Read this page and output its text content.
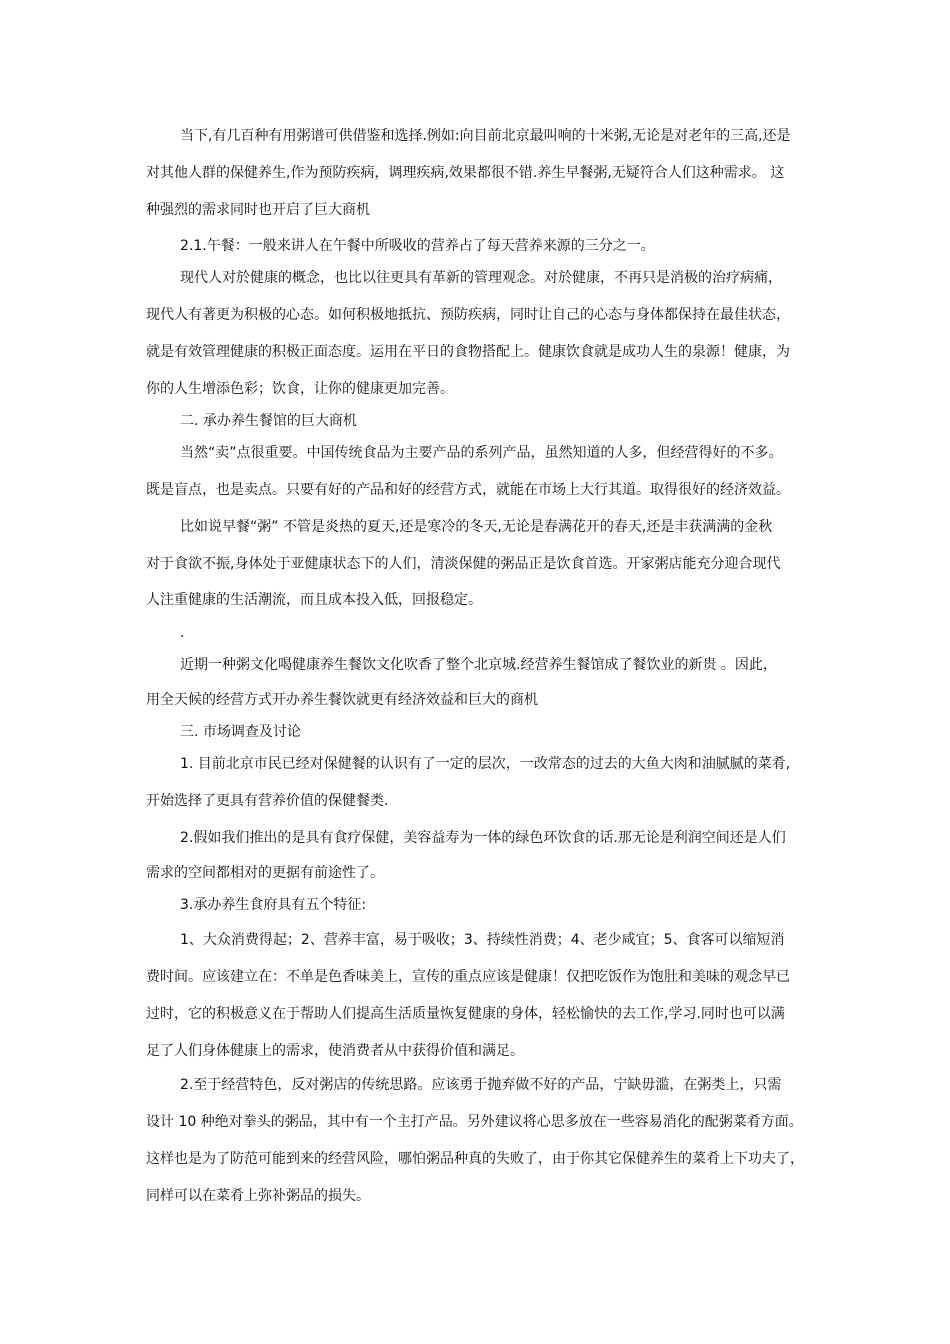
当下,有几百种有用粥谱可供借鉴和选择.例如:向目前北京最叫响的十米粥,无论是对老年的三高,还是
对其他人群的保健养生,作为预防疾病，调理疾病,效果都很不错.养生早餐粥,无疑符合人们这种需求。 这
种强烈的需求同时也开启了巨大商机
2.1.午餐：一般来讲人在午餐中所吸收的营养占了每天营养来源的三分之一。
现代人对於健康的概念，也比以往更具有革新的管理观念。对於健康，不再只是消极的治疗病痛，
现代人有著更为积极的心态。如何积极地抵抗、预防疾病，同时让自己的心态与身体都保持在最佳状态，
就是有效管理健康的积极正面态度。运用在平日的食物搭配上。健康饮食就是成功人生的泉源！健康，为
你的人生增添色彩；饮食，让你的健康更加完善。
二. 承办养生餐馆的巨大商机
当然“卖”点很重要。中国传统食品为主要产品的系列产品，虽然知道的人多，但经营得好的不多。
既是盲点，也是卖点。只要有好的产品和好的经营方式，就能在市场上大行其道。取得很好的经济效益。
比如说早餐“粥” 不管是炎热的夏天,还是寒冷的冬天,无论是春满花开的春天,还是丰获满满的金秋
对于食欲不振,身体处于亚健康状态下的人们，清淡保健的粥品正是饮食首选。开家粥店能充分迎合现代
人注重健康的生活潮流，而且成本投入低，回报稳定。
.
近期一种粥文化喝健康养生餐饮文化吹香了整个北京城.经营养生餐馆成了餐饮业的新贵 。因此，
用全天候的经营方式开办养生餐饮就更有经济效益和巨大的商机
三. 市场调查及讨论
1. 目前北京市民已经对保健餐的认识有了一定的层次，一改常态的过去的大鱼大肉和油腻腻的菜肴,
开始选择了更具有营养价值的保健餐类.
2.假如我们推出的是具有食疗保健，美容益寿为一体的绿色环饮食的话.那无论是利润空间还是人们
需求的空间都相对的更据有前途性了。
3.承办养生食府具有五个特征:
1、大众消费得起；2、营养丰富，易于吸收；3、持续性消费；4、老少咸宜；5、食客可以缩短消
费时间。应该建立在：不单是色香味美上，宣传的重点应该是健康！仅把吃饭作为饱肚和美味的观念早已
过时，它的积极意义在于帮助人们提高生活质量恢复健康的身体，轻松愉快的去工作,学习.同时也可以满
足了人们身体健康上的需求，使消费者从中获得价值和满足。
2.至于经营特色，反对粥店的传统思路。应该勇于抛弃做不好的产品，宁缺毋滥，在粥类上，只需
设计 10 种绝对拳头的粥品，其中有一个主打产品。另外建议将心思多放在一些容易消化的配粥菜肴方面。
这样也是为了防范可能到来的经营风险，哪怕粥品种真的失败了，由于你其它保健养生的菜肴上下功夫了，
同样可以在菜肴上弥补粥品的损失。
